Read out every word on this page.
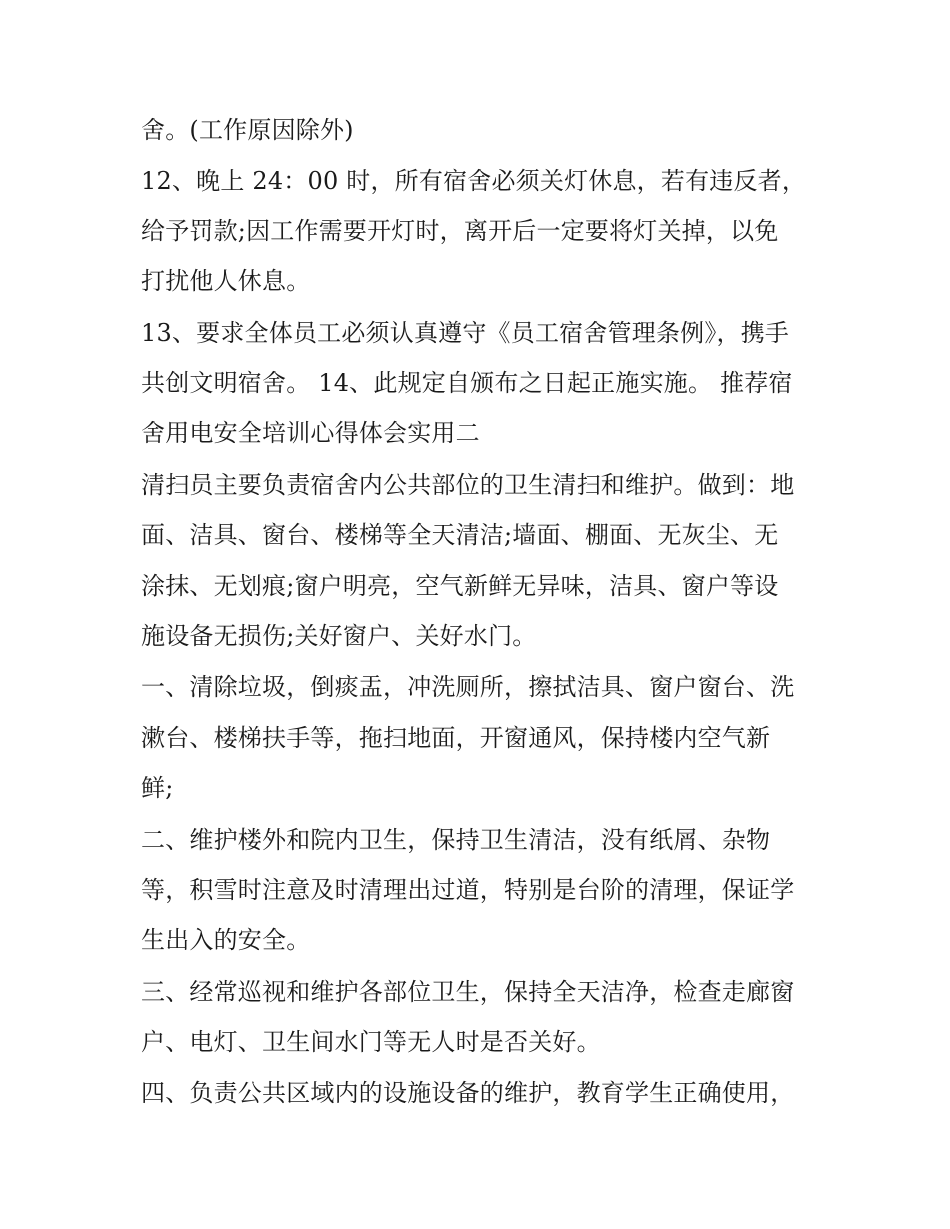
舍。(工作原因除外)
12、晚上 24：00 时，所有宿舍必须关灯休息，若有违反者，
给予罚款;因工作需要开灯时，离开后一定要将灯关掉，以免
打扰他人休息。
13、要求全体员工必须认真遵守《员工宿舍管理条例》，携手
共创文明宿舍。 14、此规定自颁布之日起正施实施。 推荐宿
舍用电安全培训心得体会实用二
清扫员主要负责宿舍内公共部位的卫生清扫和维护。做到：地
面、洁具、窗台、楼梯等全天清洁;墙面、棚面、无灰尘、无
涂抹、无划痕;窗户明亮，空气新鲜无异味，洁具、窗户等设
施设备无损伤;关好窗户、关好水门。
一、清除垃圾，倒痰盂，冲洗厕所，擦拭洁具、窗户窗台、洗
漱台、楼梯扶手等，拖扫地面，开窗通风，保持楼内空气新
鲜;
二、维护楼外和院内卫生，保持卫生清洁，没有纸屑、杂物
等，积雪时注意及时清理出过道，特别是台阶的清理，保证学
生出入的安全。
三、经常巡视和维护各部位卫生，保持全天洁净，检查走廊窗
户、电灯、卫生间水门等无人时是否关好。
四、负责公共区域内的设施设备的维护，教育学生正确使用，
